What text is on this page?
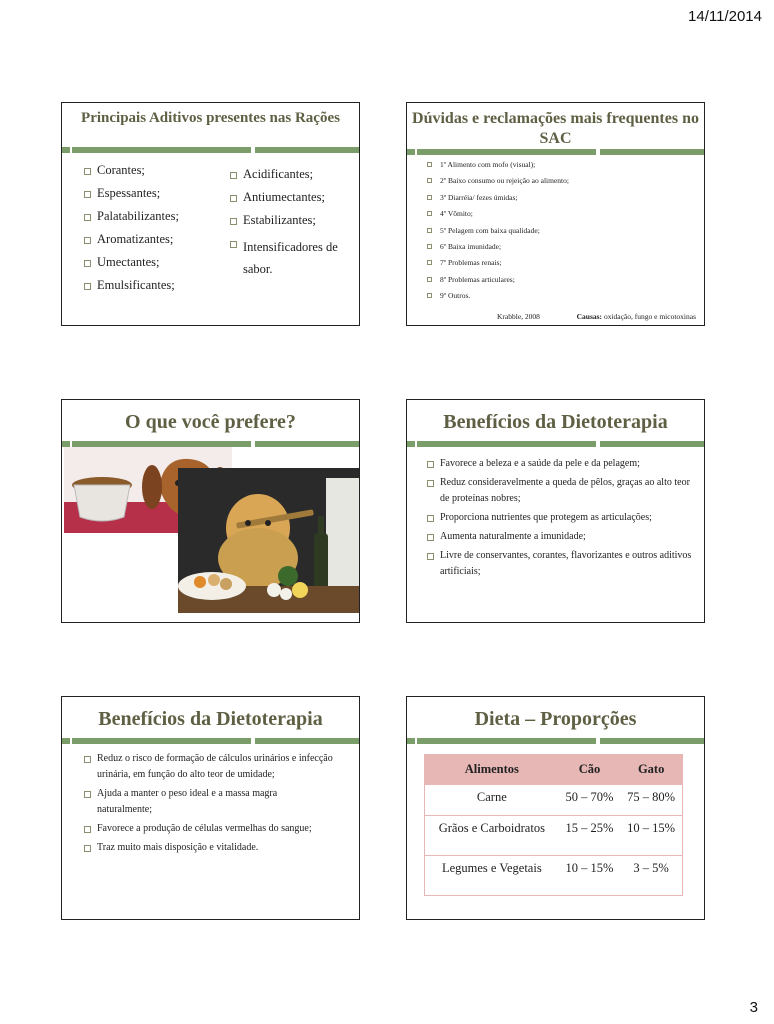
14/11/2014
Principais Aditivos presentes nas Rações
Corantes;
Espessantes;
Palatabilizantes;
Aromatizantes;
Umectantes;
Emulsificantes;
Acidificantes;
Antiumectantes;
Estabilizantes;
Intensificadores de sabor.
Dúvidas e reclamações mais frequentes no SAC
1º Alimento com mofo (visual);
2º Baixo consumo ou rejeição ao alimento;
3º Diarréia/ fezes úmidas;
4º Vômito;
5º Pelagem com baixa qualidade;
6º Baixa imunidade;
7º Problemas renais;
8º Problemas articulares;
9º Outros.
Krabble, 2008	Causas: oxidação, fungo e micotoxinas
O que você prefere?	Benefícios da Dietoterapia
Favorece a beleza e a saúde da pele e da pelagem;
Reduz consideravelmente a queda de pêlos, graças ao alto teor de proteínas nobres;
Proporciona nutrientes que protegem as articulações;
Aumenta naturalmente a imunidade;
Livre de conservantes, corantes, flavorizantes e outros aditivos artificiais;
Benefícios da Dietoterapia
Reduz o risco de formação de cálculos urinários e infecção urinária, em função do alto teor de umidade;
Ajuda a manter o peso ideal e a massa magra naturalmente;
Favorece a produção de células vermelhas do sangue;
Traz muito mais disposição e vitalidade.
Dieta – Proporções
Alimentos	Cão	Gato
Carne	50 – 70%	75 – 80%
Grãos e Carboidratos	15 – 25%	10 – 15%
Legumes e Vegetais	10 – 15%	3 – 5%
3
